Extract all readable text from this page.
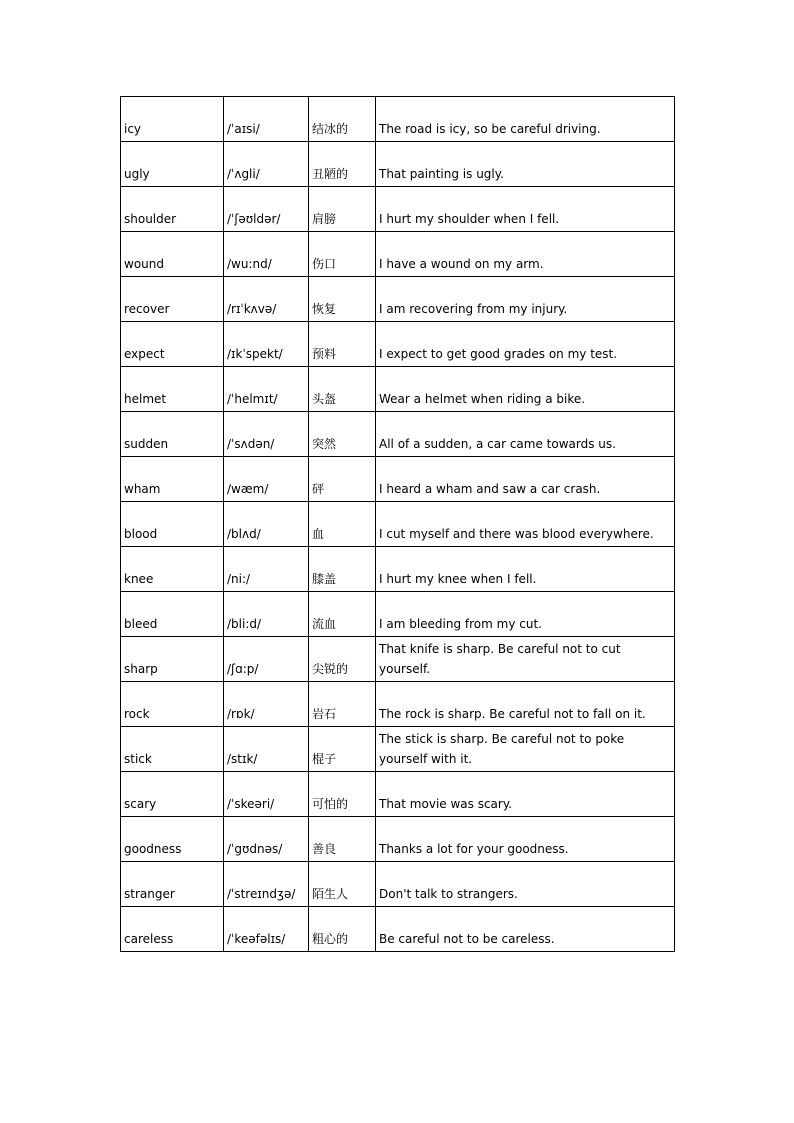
icy	/ˈaɪsi/	结冰的	The road is icy, so be careful driving.

ugly	/ˈʌgli/	丑陋的	That painting is ugly.

shoulder	/ˈʃəʊldər/	肩膀	I hurt my shoulder when I fell.

wound	/wu:nd/	伤口	I have a wound on my arm.

recover	/rɪˈkʌvə/	恢复	I am recovering from my injury.

expect	/ɪkˈspekt/	预料	I expect to get good grades on my test.

helmet	/ˈhelmɪt/	头盔	Wear a helmet when riding a bike.

sudden	/ˈsʌdən/	突然	All of a sudden, a car came towards us.

wham	/wæm/	砰	I heard a wham and saw a car crash.

blood	/blʌd/	血	I cut myself and there was blood everywhere.

knee	/ni:/	膝盖	I hurt my knee when I fell.

bleed	/bli:d/	流血	I am bleeding from my cut.

sharp	/ʃɑ:p/	尖锐的	That knife is sharp. Be careful not to cut yourself.

rock	/rɒk/	岩石	The rock is sharp. Be careful not to fall on it.

stick	/stɪk/	棍子	The stick is sharp. Be careful not to poke yourself with it.

scary	/ˈskeəri/	可怕的	That movie was scary.

goodness	/ˈgʊdnəs/	善良	Thanks a lot for your goodness.

stranger	/ˈstreɪndʒə/	陌生人	Don't talk to strangers.

careless	/ˈkeəfəlɪs/	粗心的	Be careful not to be careless.
